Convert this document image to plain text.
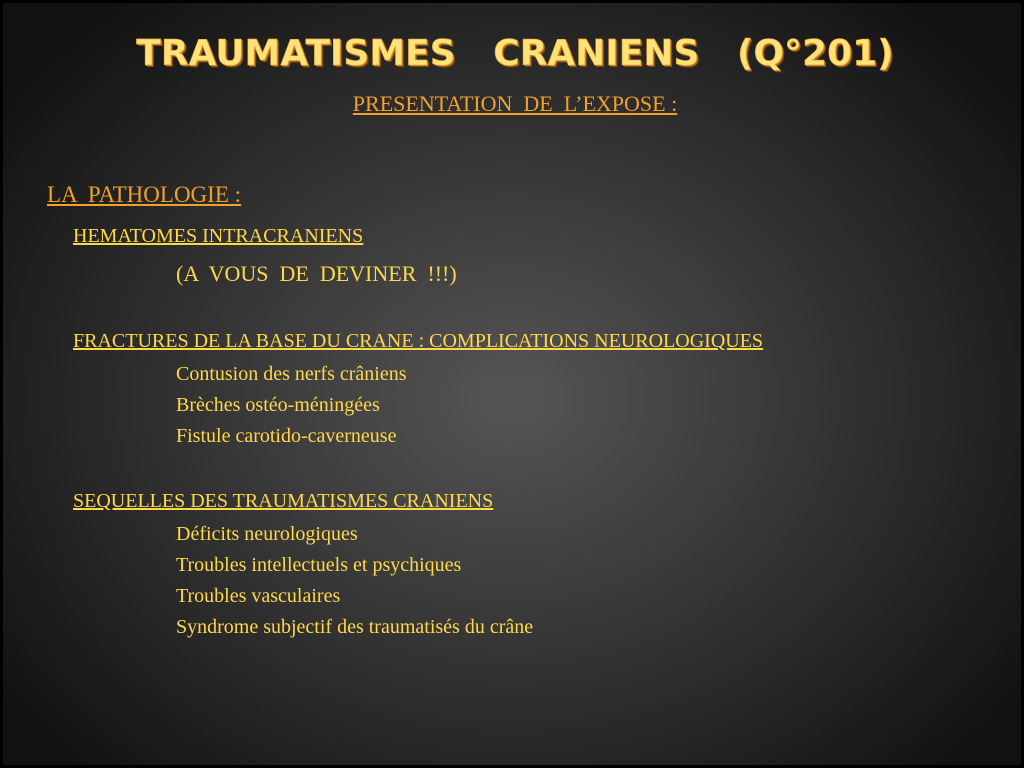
TRAUMATISMES   CRANIENS   (Q°201)
PRESENTATION  DE  L’EXPOSE :
LA  PATHOLOGIE :
HEMATOMES INTRACRANIENS
(A  VOUS  DE  DEVINER  !!!)
FRACTURES DE LA BASE DU CRANE : COMPLICATIONS NEUROLOGIQUES
Contusion des nerfs crâniens
Brèches ostéo-méningées
Fistule carotido-caverneuse
SEQUELLES DES TRAUMATISMES CRANIENS
Déficits neurologiques
Troubles intellectuels et psychiques
Troubles vasculaires
Syndrome subjectif des traumatisés du crâne
